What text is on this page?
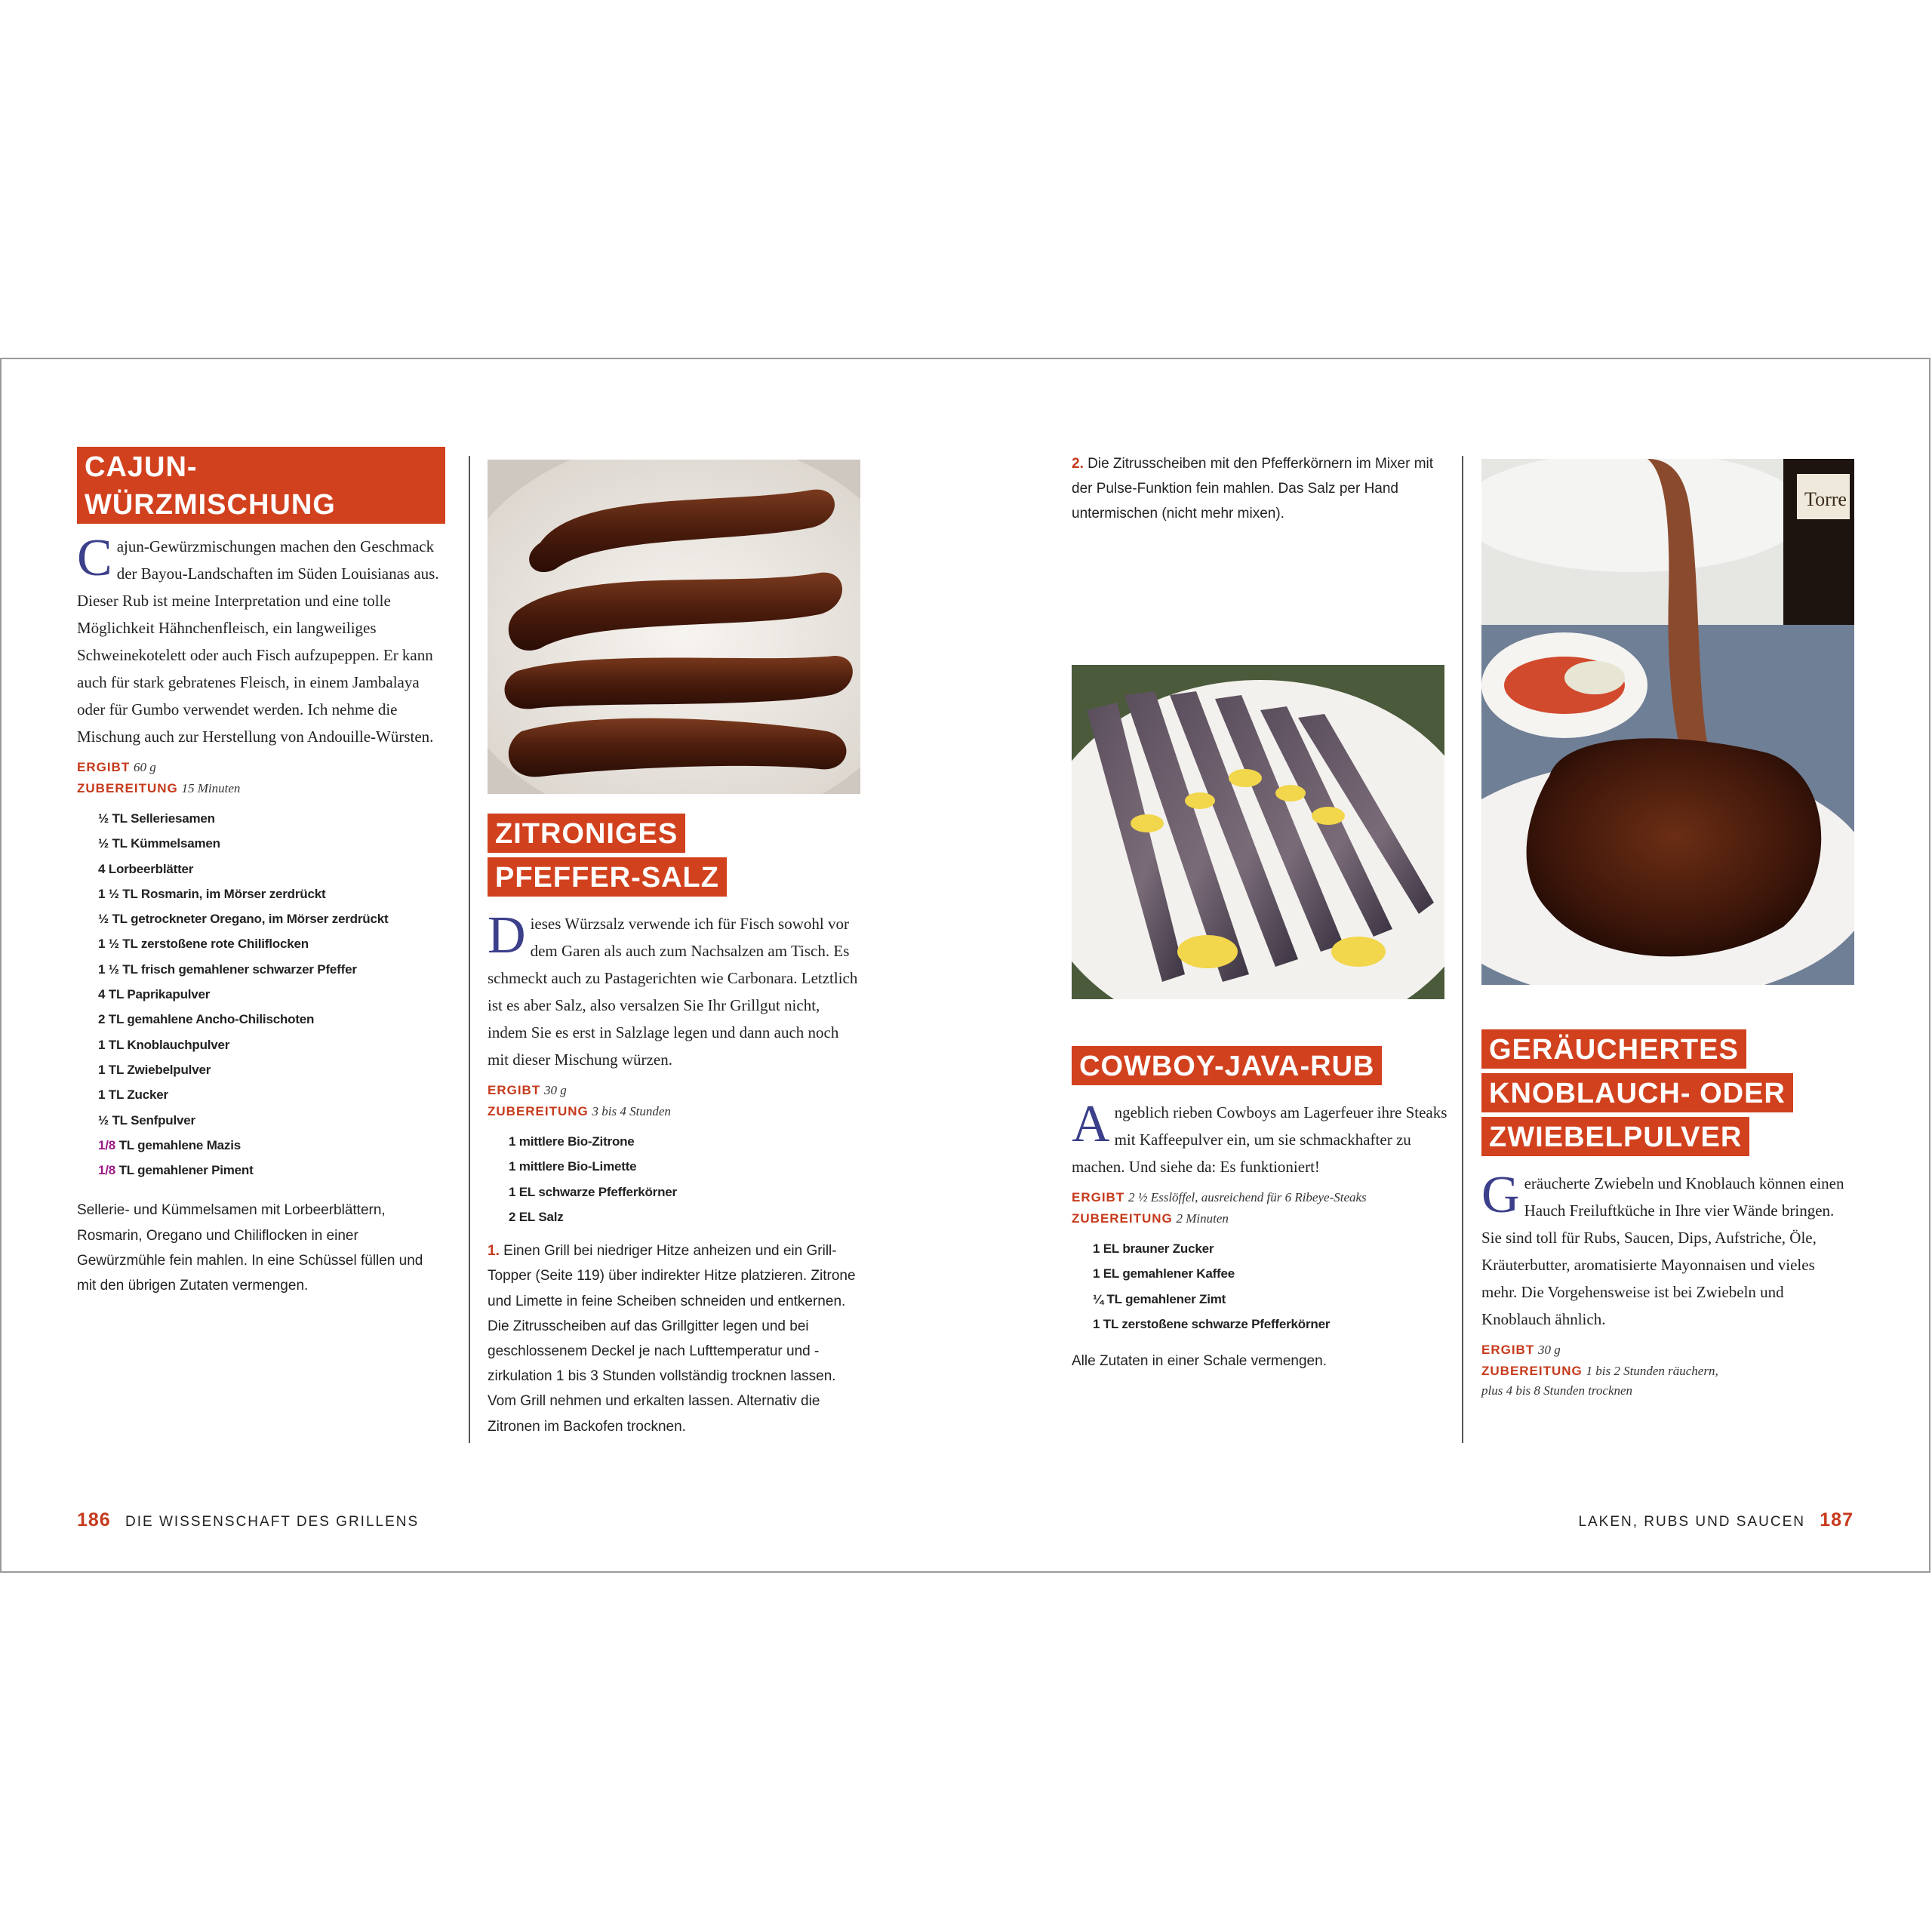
CAJUN-WÜRZMISCHUNG

Cajun-Gewürzmischungen machen den Geschmack der Bayou-Landschaften im Süden Louisianas aus. Dieser Rub ist meine Interpretation und eine tolle Möglichkeit Hähnchenfleisch, ein langweiliges Schweinekotelett oder auch Fisch aufzupeppen. Er kann auch für stark gebratenes Fleisch, in einem Jambalaya oder für Gumbo verwendet werden. Ich nehme die Mischung auch zur Herstellung von Andouille-Würsten.

ERGIBT 60 g
ZUBEREITUNG 15 Minuten
½ TL Selleriesamen
½ TL Kümmelsamen
4 Lorbeerblätter
1 ½ TL Rosmarin, im Mörser zerdrückt
½ TL getrockneter Oregano, im Mörser zerdrückt
1 ½ TL zerstoßene rote Chiliflocken
1 ½ TL frisch gemahlener schwarzer Pfeffer
4 TL Paprikapulver
2 TL gemahlene Ancho-Chilischoten
1 TL Knoblauchpulver
1 TL Zwiebelpulver
1 TL Zucker
½ TL Senfpulver
1/8 TL gemahlene Mazis
1/8 TL gemahlener Piment

Sellerie- und Kümmelsamen mit Lorbeerblättern, Rosmarin, Oregano und Chiliflocken in einer Gewürzmühle fein mahlen. In eine Schüssel füllen und mit den übrigen Zutaten vermengen.

ZITRONIGES
PFEFFER-SALZ

Dieses Würzsalz verwende ich für Fisch sowohl vor dem Garen als auch zum Nachsalzen am Tisch. Es schmeckt auch zu Pastagerichten wie Carbonara. Letztlich ist es aber Salz, also versalzen Sie Ihr Grillgut nicht, indem Sie es erst in Salzlage legen und dann auch noch mit dieser Mischung würzen.

ERGIBT 30 g
ZUBEREITUNG 3 bis 4 Stunden
1 mittlere Bio-Zitrone
1 mittlere Bio-Limette
1 EL schwarze Pfefferkörner
2 EL Salz

1. Einen Grill bei niedriger Hitze anheizen und ein Grill-Topper (Seite 119) über indirekter Hitze platzieren. Zitrone und Limette in feine Scheiben schneiden und entkernen. Die Zitrusscheiben auf das Grillgitter legen und bei geschlossenem Deckel je nach Lufttemperatur und -zirkulation 1 bis 3 Stunden vollständig trocknen lassen. Vom Grill nehmen und erkalten lassen. Alternativ die Zitronen im Backofen trocknen.

186 DIE WISSENSCHAFT DES GRILLENS

2. Die Zitrusscheiben mit den Pfefferkörnern im Mixer mit der Pulse-Funktion fein mahlen. Das Salz per Hand untermischen (nicht mehr mixen).

COWBOY-JAVA-RUB

Angeblich rieben Cowboys am Lagerfeuer ihre Steaks mit Kaffeepulver ein, um sie schmackhafter zu machen. Und siehe da: Es funktioniert!

ERGIBT 2 ½ Esslöffel, ausreichend für 6 Ribeye-Steaks
ZUBEREITUNG 2 Minuten
1 EL brauner Zucker
1 EL gemahlener Kaffee
¼ TL gemahlener Zimt
1 TL zerstoßene schwarze Pfefferkörner

Alle Zutaten in einer Schale vermengen.

Torre
GERÄUCHERTES
KNOBLAUCH- ODER
ZWIEBELPULVER

Geräucherte Zwiebeln und Knoblauch können einen Hauch Freiluftküche in Ihre vier Wände bringen. Sie sind toll für Rubs, Saucen, Dips, Aufstriche, Öle, Kräuterbutter, aromatisierte Mayonnaisen und vieles mehr. Die Vorgehensweise ist bei Zwiebeln und Knoblauch ähnlich.

ERGIBT 30 g
ZUBEREITUNG 1 bis 2 Stunden räuchern,
plus 4 bis 8 Stunden trocknen
LAKEN, RUBS UND SAUCEN 187
